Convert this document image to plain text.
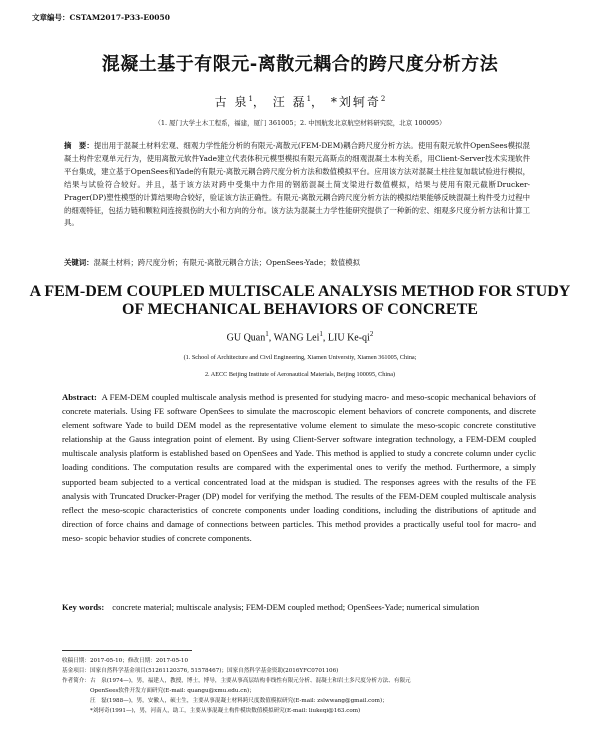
文章编号：CSTAM2017-P33-E0050
混凝土基于有限元-离散元耦合的跨尺度分析方法
古 泉$^1$， 汪 磊$^1$， *刘轲奇$^2$
（1. 厦门大学土木工程系，福建，厦门 361005；2. 中国航发北京航空材料研究院，北京 100095）
摘　要：提出用于混凝土材料宏观、细观力学性能分析的有限元-离散元(FEM-DEM)耦合跨尺度分析方法。使用有限元软件OpenSees模拟混凝土构件宏观单元行为，使用离散元软件Yade建立代表体积元模型模拟有限元高斯点的细观混凝土本构关系，用Client-Server技术实现软件平台集成，建立基于OpenSees和Yade的有限元-离散元耦合跨尺度分析方法和数值模拟平台。应用该方法对混凝土柱往复加载试验进行模拟，结果与试验符合较好。并且，基于该方法对跨中受集中力作用的钢筋混凝土简支梁进行数值模拟，结果与使用有限元截断Drucker-Prager(DP)塑性模型的计算结果吻合较好，验证该方法正确性。有限元-离散元耦合跨尺度分析方法的模拟结果能够反映混凝土构件受力过程中的细观特征，包括力链和颗粒间连接损伤的大小和方向的分布。该方法为混凝土力学性能研究提供了一种新的宏、细观多尺度分析方法和计算工具。
关键词：混凝土材料；跨尺度分析；有限元-离散元耦合方法；OpenSees-Yade；数值模拟
A FEM-DEM COUPLED MULTISCALE ANALYSIS METHOD FOR STUDY
OF MECHANICAL BEHAVIORS OF CONCRETE
GU Quan$^1$, WANG Lei$^1$, LIU $Ke-qi^2$
(1. School of Architecture and Civil Engineering, Xiamen University, Xiamen 361005, China;
2. AECC Beijing Institute of Aeronautical Materials, Beijing 100095, China)
Abstract: A FEM-DEM coupled multiscale analysis method is presented for studying macro- and meso-scopic mechanical behaviors of concrete materials. Using FE software OpenSees to simulate the macroscopic element behaviors of concrete components, and discrete element software Yade to build DEM model as the representative volume element to simulate the meso-scopic concrete constitutive relationship at the Gauss integration point of element. By using Client-Server software integration technology, a FEM-DEM coupled multiscale analysis platform is established based on OpenSees and Yade. This method is applied to study a concrete column under cyclic loading conditions. The computation results are compared with the experimental ones to verify the method. Furthermore, a simply supported beam subjected to a vertical concentrated load at the midspan is studied. The responses agrees with the results of the FE analysis with Truncated Drucker-Prager (DP) model for verifying the method. The results of the FEM-DEM coupled multiscale analysis reflect the meso-scopic characteristics of concrete components under loading conditions, including the distributions of aptitude and direction of force chains and damage of connections between particles. This method provides a practically useful tool for macro- and meso- scopic behavior studies of concrete components.
Key words: concrete material; multiscale analysis; FEM-DEM coupled method; OpenSees-Yade; numerical simulation
收稿日期：2017-05-10；修改日期：2017-05-10
基金项目：国家自然科学基金项目(51261120376, 51578467)；国家自然科学基金资助(2016YFC0701106)
作者简介：古　泉(1974—)，男，福建人，教授，博士，博导，主要从事高层结构非线性有限元分析、混凝土和岩土多尺度分析方法、有限元
　　　　　OpenSees软件开发方面研究(E-mail: quangu@xmu.edu.cn)；
　　　　　汪　磊(1988—)，男，安徽人，硕士生，主要从事混凝土材料跨尺度数值模拟研究(E-mail: zslwwang@gmail.com)；
　　　　　*刘轲奇(1991—)，男，河南人，助工，主要从事混凝土构件模块数值模拟研究(E-mail: liukeqi@163.com)
